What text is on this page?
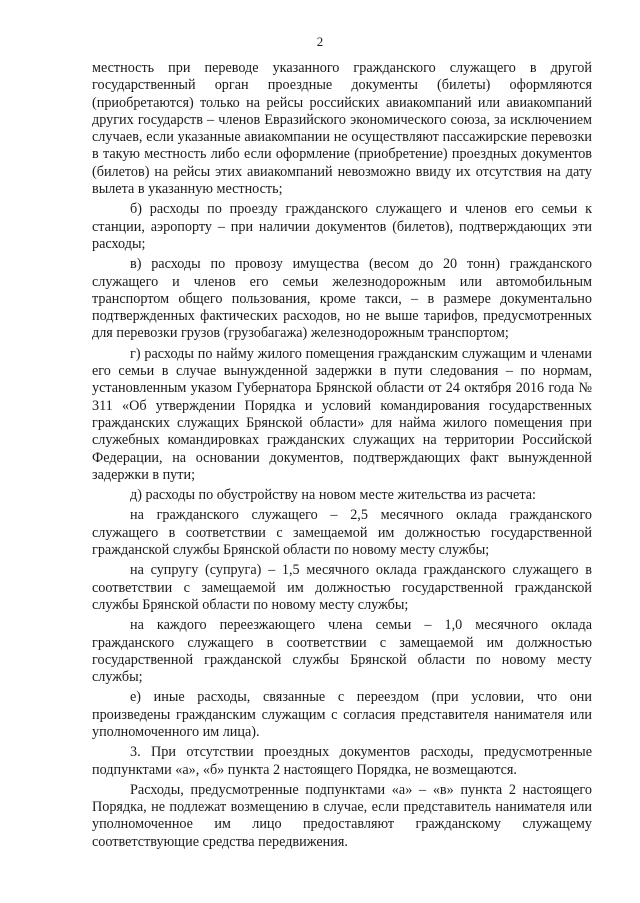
2

местность при переводе указанного гражданского служащего в другой государственный орган проездные документы (билеты) оформляются (приобретаются) только на рейсы российских авиакомпаний или авиакомпаний других государств – членов Евразийского экономического союза, за исключением случаев, если указанные авиакомпании не осуществляют пассажирские перевозки в такую местность либо если оформление (приобретение) проездных документов (билетов) на рейсы этих авиакомпаний невозможно ввиду их отсутствия на дату вылета в указанную местность;

б) расходы по проезду гражданского служащего и членов его семьи к станции, аэропорту – при наличии документов (билетов), подтверждающих эти расходы;

в) расходы по провозу имущества (весом до 20 тонн) гражданского служащего и членов его семьи железнодорожным или автомобильным транспортом общего пользования, кроме такси, – в размере документально подтвержденных фактических расходов, но не выше тарифов, предусмотренных для перевозки грузов (грузобагажа) железнодорожным транспортом;

г) расходы по найму жилого помещения гражданским служащим и членами его семьи в случае вынужденной задержки в пути следования – по нормам, установленным указом Губернатора Брянской области от 24 октября 2016 года № 311 «Об утверждении Порядка и условий командирования государственных гражданских служащих Брянской области» для найма жилого помещения при служебных командировках гражданских служащих на территории Российской Федерации, на основании документов, подтверждающих факт вынужденной задержки в пути;

д) расходы по обустройству на новом месте жительства из расчета:

на гражданского служащего – 2,5 месячного оклада гражданского служащего в соответствии с замещаемой им должностью государственной гражданской службы Брянской области по новому месту службы;

на супругу (супруга) – 1,5 месячного оклада гражданского служащего в соответствии с замещаемой им должностью государственной гражданской службы Брянской области по новому месту службы;

на каждого переезжающего члена семьи – 1,0 месячного оклада гражданского служащего в соответствии с замещаемой им должностью государственной гражданской службы Брянской области по новому месту службы;

е) иные расходы, связанные с переездом (при условии, что они произведены гражданским служащим с согласия представителя нанимателя или уполномоченного им лица).

3. При отсутствии проездных документов расходы, предусмотренные подпунктами «а», «б» пункта 2 настоящего Порядка, не возмещаются.

Расходы, предусмотренные подпунктами «а» – «в» пункта 2 настоящего Порядка, не подлежат возмещению в случае, если представитель нанимателя или уполномоченное им лицо предоставляют гражданскому служащему соответствующие средства передвижения.
